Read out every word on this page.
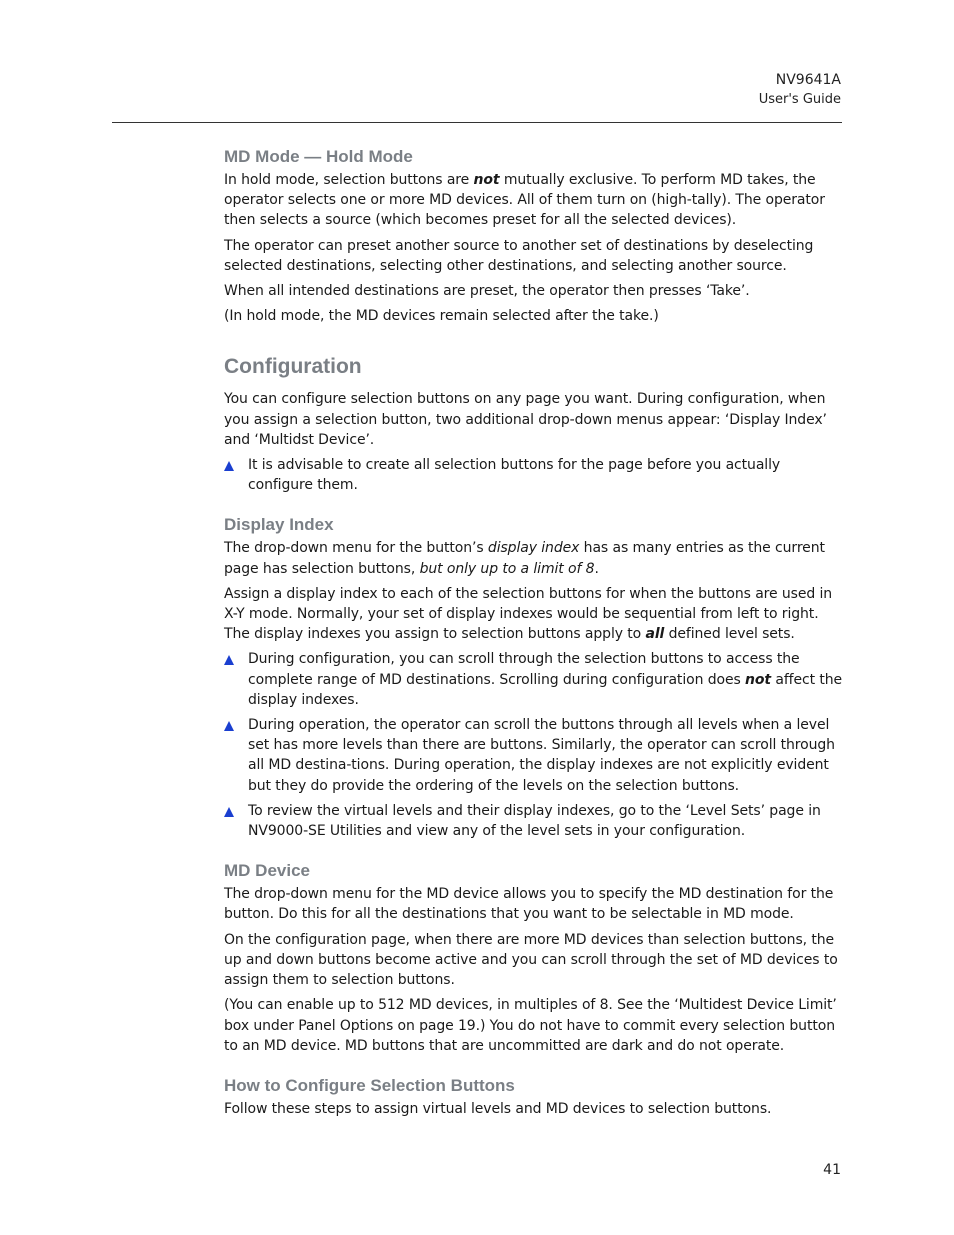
NV9641A
User's Guide
MD Mode — Hold Mode

In hold mode, selection buttons are not mutually exclusive. To perform MD takes, the operator selects one or more MD devices. All of them turn on (high-tally). The operator then selects a source (which becomes preset for all the selected devices).

The operator can preset another source to another set of destinations by deselecting selected destinations, selecting other destinations, and selecting another source.

When all intended destinations are preset, the operator then presses ‘Take’.

(In hold mode, the MD devices remain selected after the take.)

Configuration

You can configure selection buttons on any page you want. During configuration, when you assign a selection button, two additional drop-down menus appear: ‘Display Index’ and ‘Multidst Device’.

It is advisable to create all selection buttons for the page before you actually configure them.

Display Index

The drop-down menu for the button’s display index has as many entries as the current page has selection buttons, but only up to a limit of 8.

Assign a display index to each of the selection buttons for when the buttons are used in X-Y mode. Normally, your set of display indexes would be sequential from left to right. The display indexes you assign to selection buttons apply to all defined level sets.

During configuration, you can scroll through the selection buttons to access the complete range of MD destinations. Scrolling during configuration does not affect the display indexes.

During operation, the operator can scroll the buttons through all levels when a level set has more levels than there are buttons. Similarly, the operator can scroll through all MD destina-tions. During operation, the display indexes are not explicitly evident but they do provide the ordering of the levels on the selection buttons.

To review the virtual levels and their display indexes, go to the ‘Level Sets’ page in NV9000-SE Utilities and view any of the level sets in your configuration.

MD Device

The drop-down menu for the MD device allows you to specify the MD destination for the button. Do this for all the destinations that you want to be selectable in MD mode.

On the configuration page, when there are more MD devices than selection buttons, the up and down buttons become active and you can scroll through the set of MD devices to assign them to selection buttons.

(You can enable up to 512 MD devices, in multiples of 8. See the ‘Multidest Device Limit’ box under Panel Options on page 19.) You do not have to commit every selection button to an MD device. MD buttons that are uncommitted are dark and do not operate.

How to Configure Selection Buttons

Follow these steps to assign virtual levels and MD devices to selection buttons.

41
